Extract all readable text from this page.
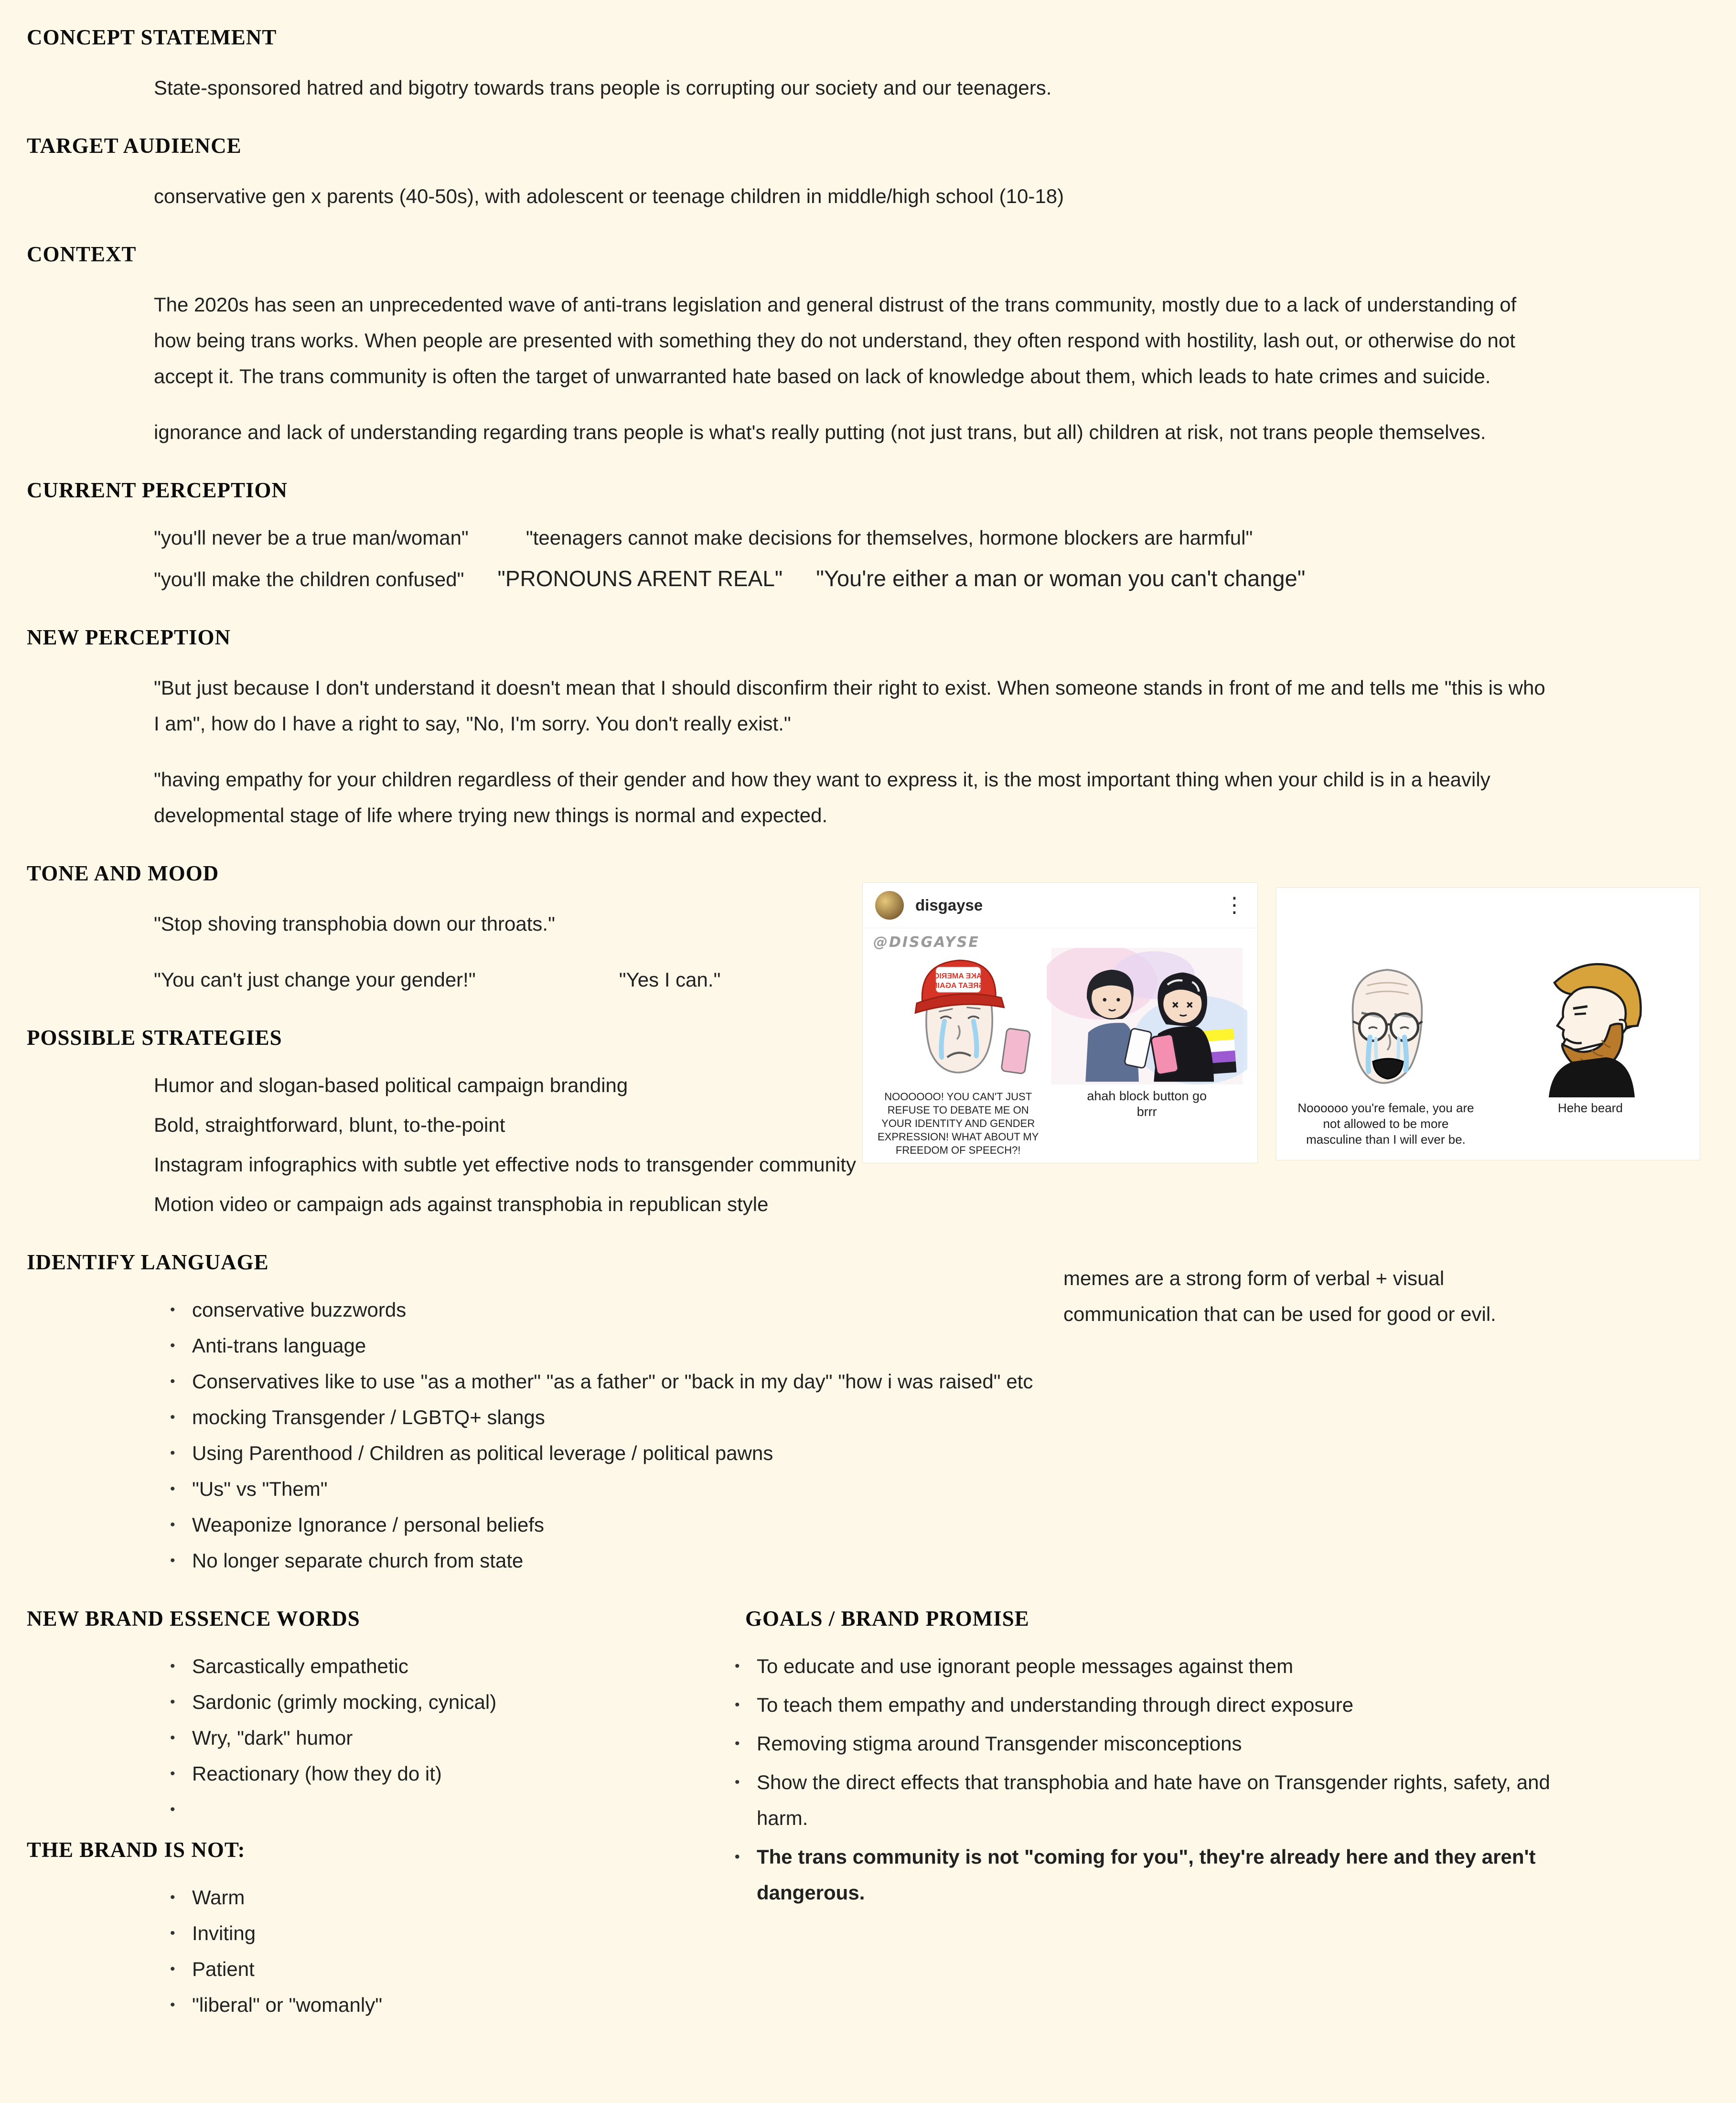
CONCEPT STATEMENT

State-sponsored hatred and bigotry towards trans people is corrupting our society and our teenagers.

TARGET AUDIENCE

conservative gen x parents (40-50s), with adolescent or teenage children in middle/high school (10-18)

CONTEXT

The 2020s has seen an unprecedented wave of anti-trans legislation and general distrust of the trans community, mostly due to a lack of understanding of how being trans works. When people are presented with something they do not understand, they often respond with hostility, lash out, or otherwise do not accept it. The trans community is often the target of unwarranted hate based on lack of knowledge about them, which leads to hate crimes and suicide.

ignorance and lack of understanding regarding trans people is what's really putting (not just trans, but all) children at risk, not trans people themselves.

CURRENT PERCEPTION
"you'll never be a true man/woman"	"teenagers cannot make decisions for themselves, hormone blockers are harmful"
"you'll make the children confused" "PRONOUNS ARENT REAL" "You're either a man or woman you can't change"
NEW PERCEPTION

"But just because I don't understand it doesn't mean that I should disconfirm their right to exist. When someone stands in front of me and tells me "this is who I am", how do I have a right to say, "No, I'm sorry. You don't really exist."

"having empathy for your children regardless of their gender and how they want to express it, is the most important thing when your child is in a heavily developmental stage of life where trying new things is normal and expected.

TONE AND MOOD

"Stop shoving transphobia down our throats."

"You can't just change your gender!"	"Yes I can."

POSSIBLE STRATEGIES
Humor and slogan-based political campaign branding
Bold, straightforward, blunt, to-the-point
Instagram infographics with subtle yet effective nods to transgender community
Motion video or campaign ads against transphobia in republican style
IDENTIFY LANGUAGE
• conservative buzzwords
• Anti-trans language
• Conservatives like to use "as a mother" "as a father" or "back in my day" "how i was raised" etc
• mocking Transgender / LGBTQ+ slangs
• Using Parenthood / Children as political leverage / political pawns
• "Us" vs "Them"
• Weaponize Ignorance / personal beliefs
• No longer separate church from state
NEW BRAND ESSENCE WORDS
• Sarcastically empathetic
• Sardonic (grimly mocking, cynical)
• Wry, "dark" humor
• Reactionary (how they do it)
•
THE BRAND IS NOT:
• Warm
• Inviting
• Patient
• "liberal" or "womanly"
GOALS / BRAND PROMISE
• To educate and use ignorant people messages against them
• To teach them empathy and understanding through direct exposure
• Removing stigma around Transgender misconceptions
• Show the direct effects that transphobia and hate have on Transgender rights, safety, and harm.
• The trans community is not "coming for you", they're already here and they aren't dangerous.

memes are a strong form of verbal + visual communication that can be used for good or evil.

disgayse	⋮
@DISGAYSE
MAKE AMERICA
GREAT AGAIN
NOOOOOO! YOU CAN'T JUST REFUSE TO DEBATE ME ON YOUR IDENTITY AND GENDER EXPRESSION! WHAT ABOUT MY FREEDOM OF SPEECH?!
ahah block button go brrr	Noooooo you're female, you are not allowed to be more masculine than I will ever be.
Hehe beard
